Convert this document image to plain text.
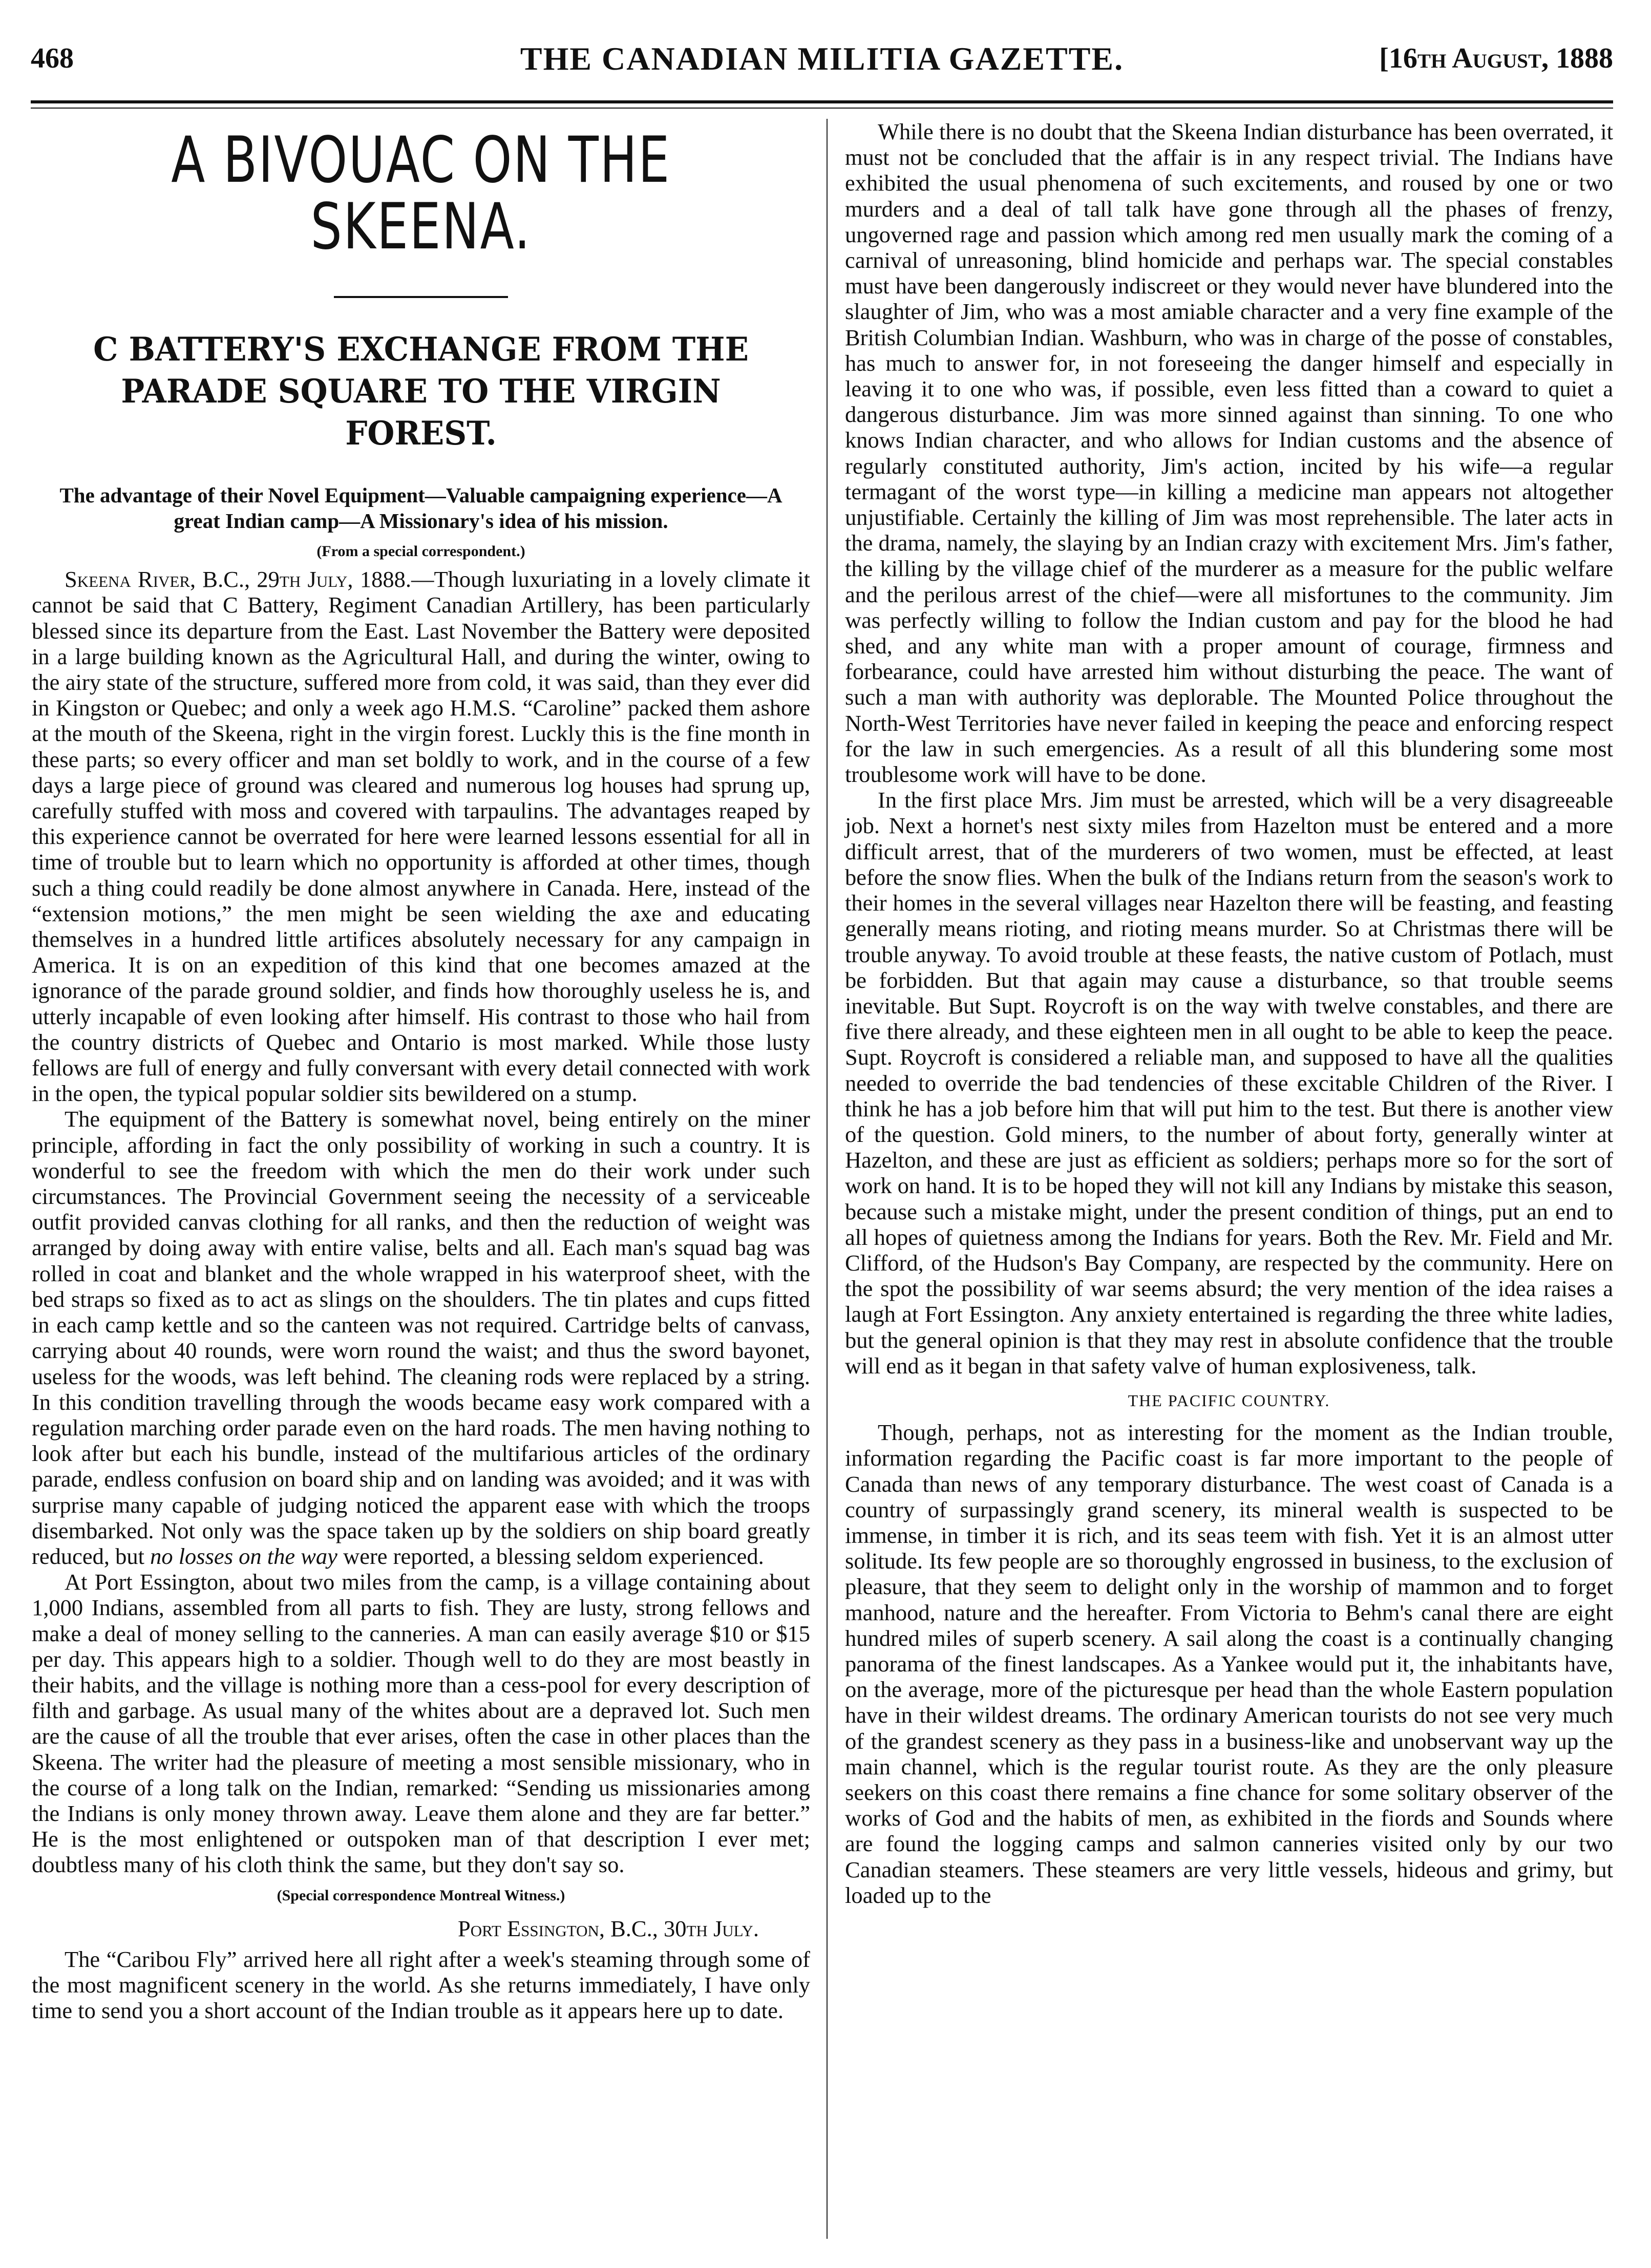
468	THE CANADIAN MILITIA GAZETTE.	[16th August, 1888
A BIVOUAC ON THE SKEENA.
C BATTERY'S EXCHANGE FROM THE PARADE SQUARE TO THE VIRGIN FOREST.
The advantage of their Novel Equipment—Valuable campaigning experience—A great Indian camp—A Missionary's idea of his mission.
(From a special correspondent.)

Skeena River, B.C., 29th July, 1888.—Though luxuriating in a lovely climate it cannot be said that C Battery, Regiment Canadian Artillery, has been particularly blessed since its departure from the East. Last November the Battery were deposited in a large building known as the Agricultural Hall, and during the winter, owing to the airy state of the structure, suffered more from cold, it was said, than they ever did in Kingston or Quebec; and only a week ago H.M.S. “Caroline” packed them ashore at the mouth of the Skeena, right in the virgin forest. Luckly this is the fine month in these parts; so every officer and man set boldly to work, and in the course of a few days a large piece of ground was cleared and numerous log houses had sprung up, carefully stuffed with moss and covered with tarpaulins. The advantages reaped by this experience cannot be overrated for here were learned lessons essential for all in time of trouble but to learn which no opportunity is afforded at other times, though such a thing could readily be done almost anywhere in Canada. Here, instead of the “extension motions,” the men might be seen wielding the axe and educating themselves in a hundred little artifices absolutely necessary for any campaign in America. It is on an expedition of this kind that one becomes amazed at the ignorance of the parade ground soldier, and finds how thoroughly useless he is, and utterly incapable of even looking after himself. His contrast to those who hail from the country districts of Quebec and Ontario is most marked. While those lusty fellows are full of energy and fully conversant with every detail connected with work in the open, the typical popular soldier sits bewildered on a stump.

The equipment of the Battery is somewhat novel, being entirely on the miner principle, affording in fact the only possibility of working in such a country. It is wonderful to see the freedom with which the men do their work under such circumstances. The Provincial Government seeing the necessity of a serviceable outfit provided canvas clothing for all ranks, and then the reduction of weight was arranged by doing away with entire valise, belts and all. Each man's squad bag was rolled in coat and blanket and the whole wrapped in his waterproof sheet, with the bed straps so fixed as to act as slings on the shoulders. The tin plates and cups fitted in each camp kettle and so the canteen was not required. Cartridge belts of canvass, carrying about 40 rounds, were worn round the waist; and thus the sword bayonet, useless for the woods, was left behind. The cleaning rods were replaced by a string. In this condition travelling through the woods became easy work compared with a regulation marching order parade even on the hard roads. The men having nothing to look after but each his bundle, instead of the multifarious articles of the ordinary parade, endless confusion on board ship and on landing was avoided; and it was with surprise many capable of judging noticed the apparent ease with which the troops disembarked. Not only was the space taken up by the soldiers on ship board greatly reduced, but no losses on the way were reported, a blessing seldom experienced.

At Port Essington, about two miles from the camp, is a village containing about 1,000 Indians, assembled from all parts to fish. They are lusty, strong fellows and make a deal of money selling to the canneries. A man can easily average $10 or $15 per day. This appears high to a soldier. Though well to do they are most beastly in their habits, and the village is nothing more than a cess-pool for every description of filth and garbage. As usual many of the whites about are a depraved lot. Such men are the cause of all the trouble that ever arises, often the case in other places than the Skeena. The writer had the pleasure of meeting a most sensible missionary, who in the course of a long talk on the Indian, remarked: “Sending us missionaries among the Indians is only money thrown away. Leave them alone and they are far better.” He is the most enlightened or outspoken man of that description I ever met; doubtless many of his cloth think the same, but they don't say so.

(Special correspondence Montreal Witness.)

Port Essington, B.C., 30th July.

The “Caribou Fly” arrived here all right after a week's steaming through some of the most magnificent scenery in the world. As she returns immediately, I have only time to send you a short account of the Indian trouble as it appears here up to date.

While there is no doubt that the Skeena Indian disturbance has been overrated, it must not be concluded that the affair is in any respect trivial. The Indians have exhibited the usual phenomena of such excitements, and roused by one or two murders and a deal of tall talk have gone through all the phases of frenzy, ungoverned rage and passion which among red men usually mark the coming of a carnival of unreasoning, blind homicide and perhaps war. The special constables must have been dangerously indiscreet or they would never have blundered into the slaughter of Jim, who was a most amiable character and a very fine example of the British Columbian Indian. Washburn, who was in charge of the posse of constables, has much to answer for, in not foreseeing the danger himself and especially in leaving it to one who was, if possible, even less fitted than a coward to quiet a dangerous disturbance. Jim was more sinned against than sinning. To one who knows Indian character, and who allows for Indian customs and the absence of regularly constituted authority, Jim's action, incited by his wife—a regular termagant of the worst type—in killing a medicine man appears not altogether unjustifiable. Certainly the killing of Jim was most reprehensible. The later acts in the drama, namely, the slaying by an Indian crazy with excitement Mrs. Jim's father, the killing by the village chief of the murderer as a measure for the public welfare and the perilous arrest of the chief—were all misfortunes to the community. Jim was perfectly willing to follow the Indian custom and pay for the blood he had shed, and any white man with a proper amount of courage, firmness and forbearance, could have arrested him without disturbing the peace. The want of such a man with authority was deplorable. The Mounted Police throughout the North-West Territories have never failed in keeping the peace and enforcing respect for the law in such emergencies. As a result of all this blundering some most troublesome work will have to be done.

In the first place Mrs. Jim must be arrested, which will be a very disagreeable job. Next a hornet's nest sixty miles from Hazelton must be entered and a more difficult arrest, that of the murderers of two women, must be effected, at least before the snow flies. When the bulk of the Indians return from the season's work to their homes in the several villages near Hazelton there will be feasting, and feasting generally means rioting, and rioting means murder. So at Christmas there will be trouble anyway. To avoid trouble at these feasts, the native custom of Potlach, must be forbidden. But that again may cause a disturbance, so that trouble seems inevitable. But Supt. Roycroft is on the way with twelve constables, and there are five there already, and these eighteen men in all ought to be able to keep the peace. Supt. Roycroft is considered a reliable man, and supposed to have all the qualities needed to override the bad tendencies of these excitable Children of the River. I think he has a job before him that will put him to the test. But there is another view of the question. Gold miners, to the number of about forty, generally winter at Hazelton, and these are just as efficient as soldiers; perhaps more so for the sort of work on hand. It is to be hoped they will not kill any Indians by mistake this season, because such a mistake might, under the present condition of things, put an end to all hopes of quietness among the Indians for years. Both the Rev. Mr. Field and Mr. Clifford, of the Hudson's Bay Company, are respected by the community. Here on the spot the possibility of war seems absurd; the very mention of the idea raises a laugh at Fort Essington. Any anxiety entertained is regarding the three white ladies, but the general opinion is that they may rest in absolute confidence that the trouble will end as it began in that safety valve of human explosiveness, talk.

THE PACIFIC COUNTRY.

Though, perhaps, not as interesting for the moment as the Indian trouble, information regarding the Pacific coast is far more important to the people of Canada than news of any temporary disturbance. The west coast of Canada is a country of surpassingly grand scenery, its mineral wealth is suspected to be immense, in timber it is rich, and its seas teem with fish. Yet it is an almost utter solitude. Its few people are so thoroughly engrossed in business, to the exclusion of pleasure, that they seem to delight only in the worship of mammon and to forget manhood, nature and the hereafter. From Victoria to Behm's canal there are eight hundred miles of superb scenery. A sail along the coast is a continually changing panorama of the finest landscapes. As a Yankee would put it, the inhabitants have, on the average, more of the picturesque per head than the whole Eastern population have in their wildest dreams. The ordinary American tourists do not see very much of the grandest scenery as they pass in a business-like and unobservant way up the main channel, which is the regular tourist route. As they are the only pleasure seekers on this coast there remains a fine chance for some solitary observer of the works of God and the habits of men, as exhibited in the fiords and Sounds where are found the logging camps and salmon canneries visited only by our two Canadian steamers. These steamers are very little vessels, hideous and grimy, but loaded up to the
